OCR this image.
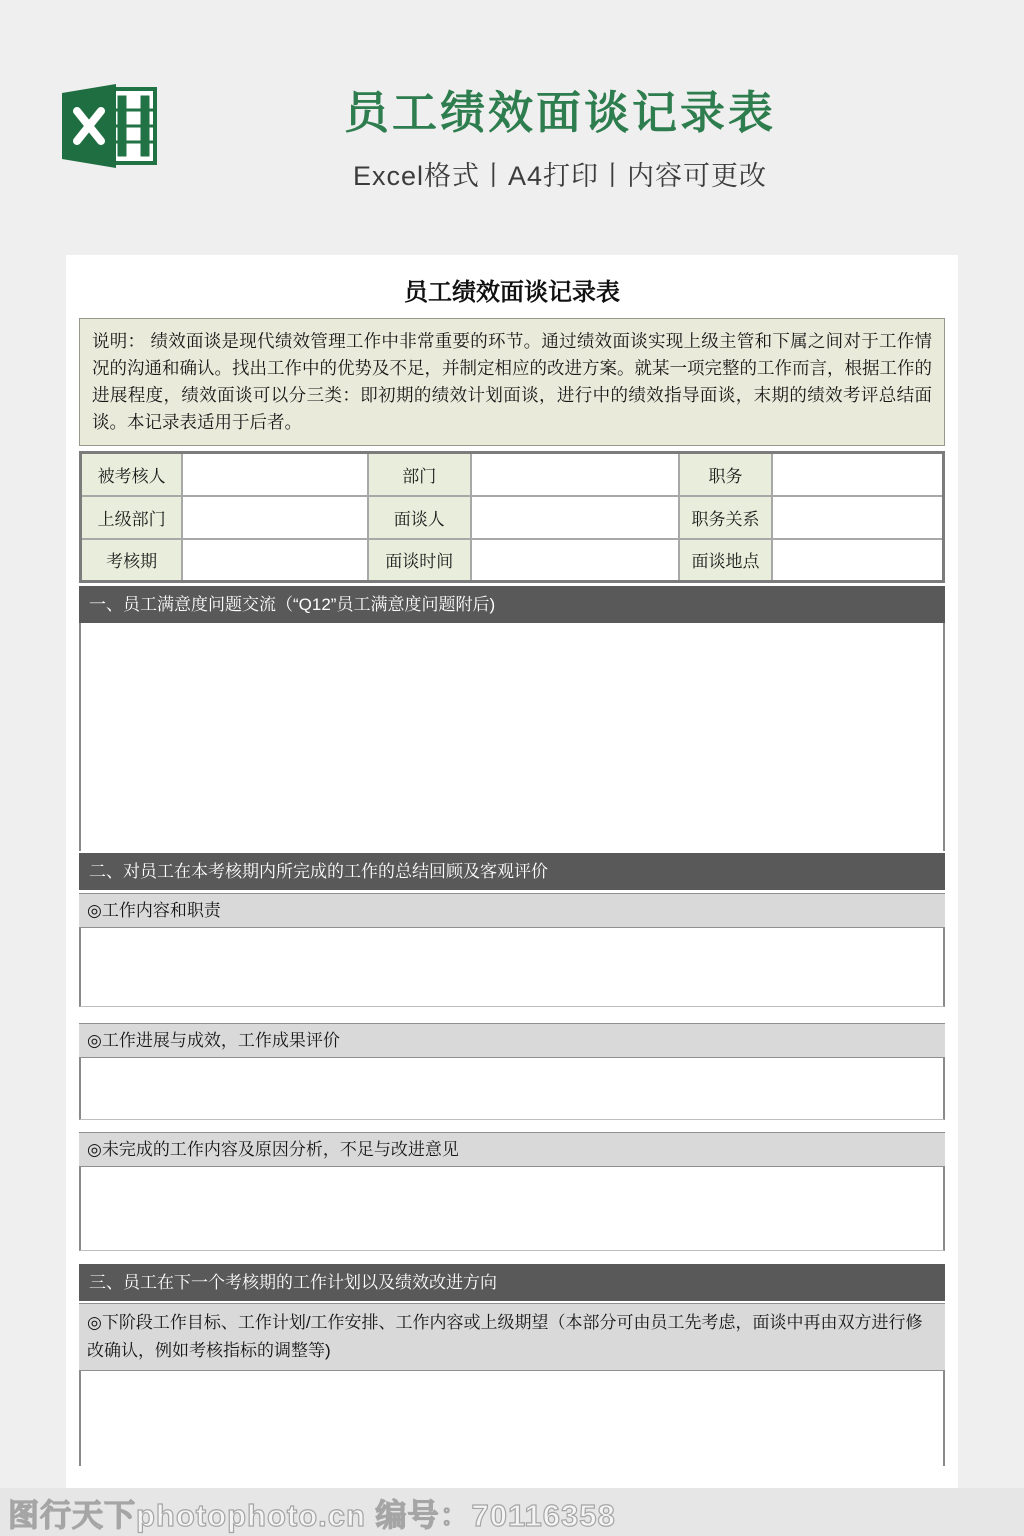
员工绩效面谈记录表
Excel格式丨A4打印丨内容可更改
员工绩效面谈记录表
说明： 绩效面谈是现代绩效管理工作中非常重要的环节。通过绩效面谈实现上级主管和下属之间对于工作情况的沟通和确认。找出工作中的优势及不足，并制定相应的改进方案。就某一项完整的工作而言，根据工作的进展程度，绩效面谈可以分三类：即初期的绩效计划面谈，进行中的绩效指导面谈，末期的绩效考评总结面谈。本记录表适用于后者。
被考核人		部门		职务	
上级部门		面谈人		职务关系	
考核期		面谈时间		面谈地点	
一、员工满意度问题交流（“Q12”员工满意度问题附后)
二、对员工在本考核期内所完成的工作的总结回顾及客观评价
◎工作内容和职责
◎工作进展与成效，工作成果评价
◎未完成的工作内容及原因分析，不足与改进意见
三、员工在下一个考核期的工作计划以及绩效改进方向
◎下阶段工作目标、工作计划/工作安排、工作内容或上级期望（本部分可由员工先考虑，面谈中再由双方进行修改确认，例如考核指标的调整等)
图行天下photophoto.cn 编号：70116358
